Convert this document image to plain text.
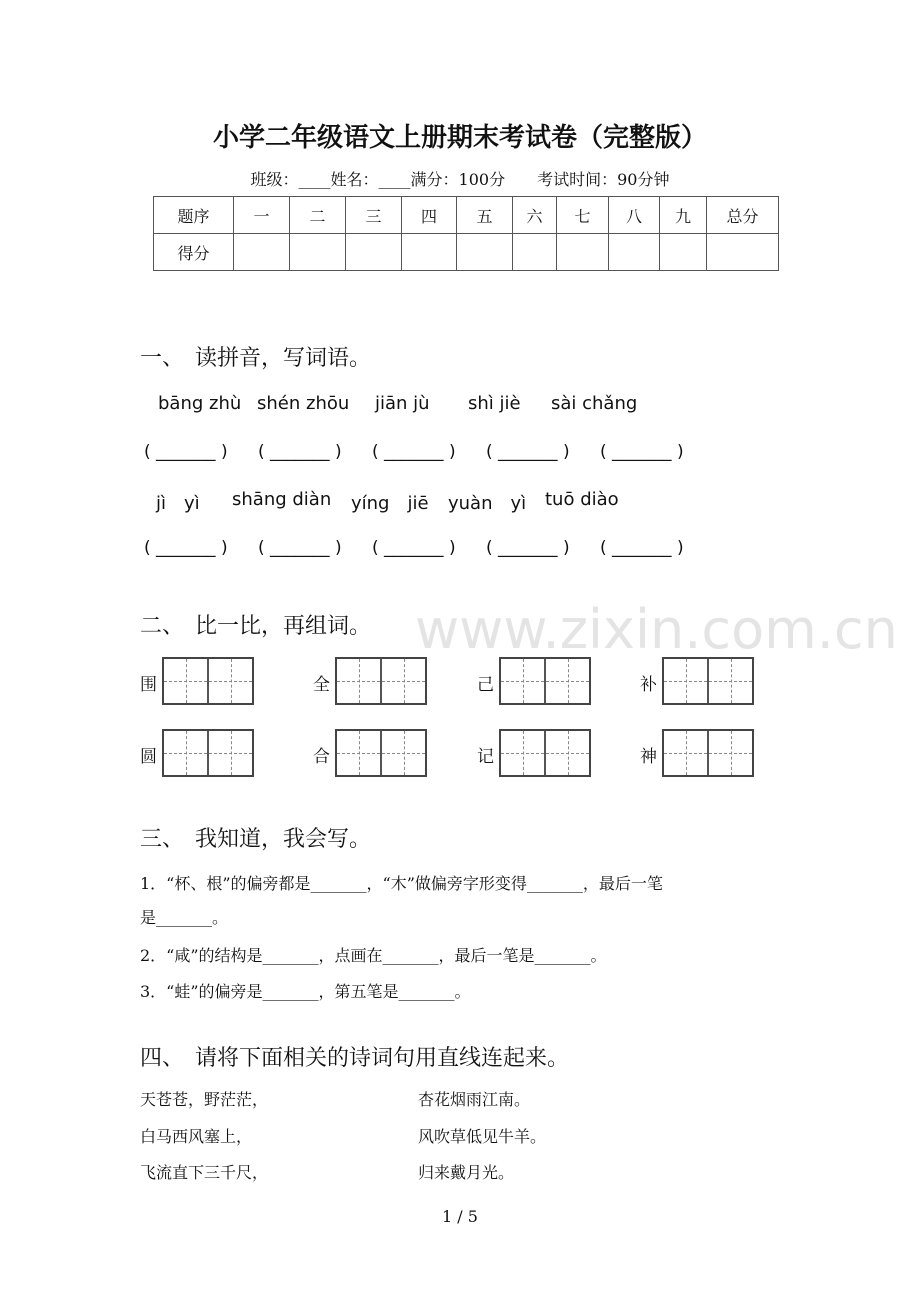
www.zixin.com.cn
小学二年级语文上册期末考试卷（完整版）
班级：____姓名：____满分：100分　　考试时间：90分钟
题序	一	二	三	四	五	六	七	八	九	总分
得分										
一、　读拼音，写词语。
bāng zhù shén zhōu jiān jù shì jiè sài chǎng
jì　yì shāng diàn yíng　jiē yuàn　yì tuō diào
( _______ ) ( _______ ) ( _______ ) ( _______ ) ( _______ )
( _______ ) ( _______ ) ( _______ ) ( _______ ) ( _______ )
二、　比一比，再组词。
围	全	己	补
圆	合	记	神
三、　我知道，我会写。
1．“杯、根”的偏旁都是_______，“木”做偏旁字形变得_______，最后一笔
是_______。
2．“咸”的结构是_______，点画在_______，最后一笔是_______。
3．“蛙”的偏旁是_______，第五笔是_______。
四、　请将下面相关的诗词句用直线连起来。
天苍苍，野茫茫，
白马西风塞上，
飞流直下三千尺，
杏花烟雨江南。
风吹草低见牛羊。
归来戴月光。
1 / 5
